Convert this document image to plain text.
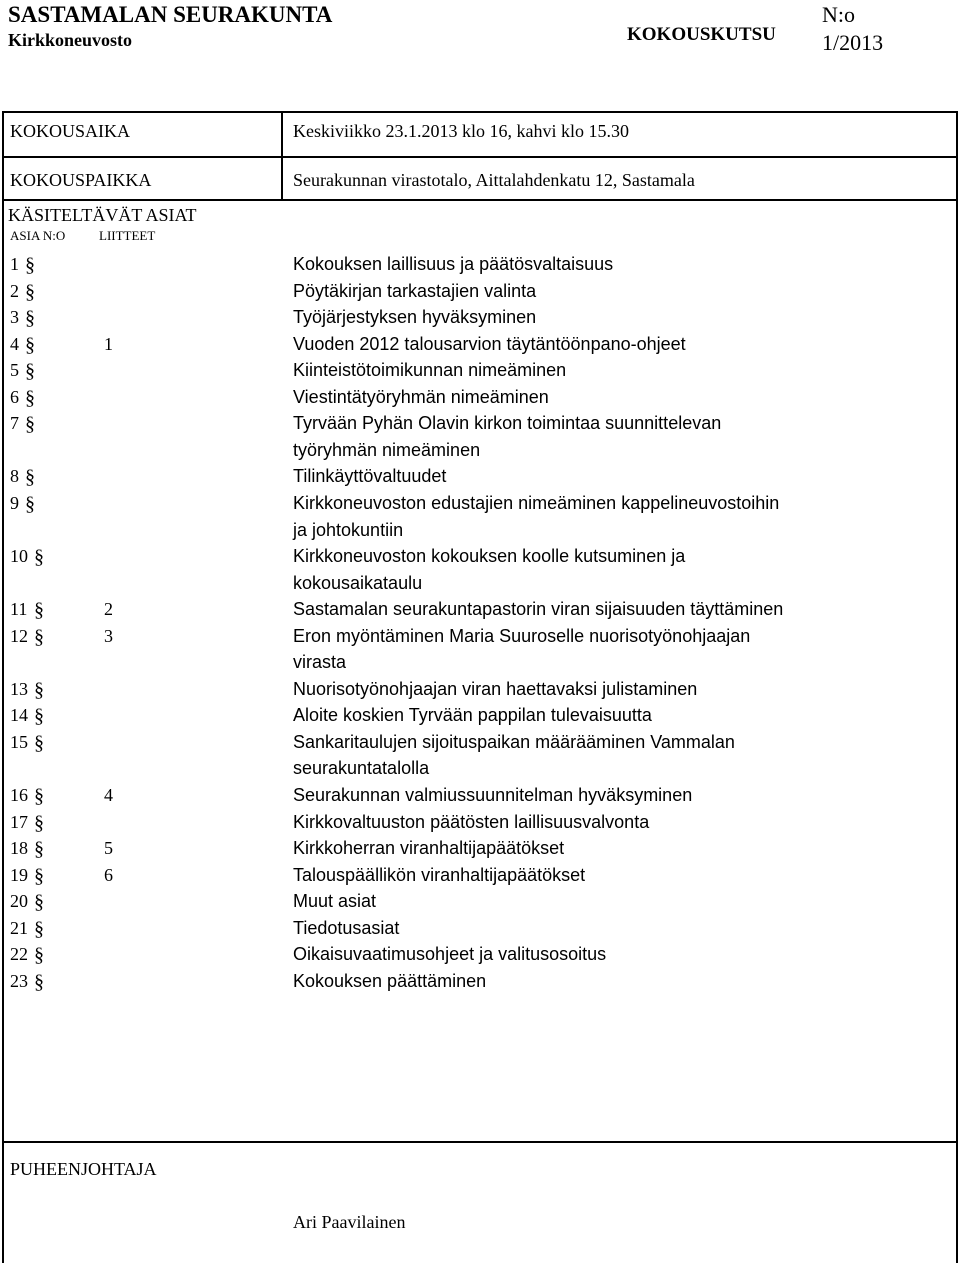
SASTAMALAN SEURAKUNTA
Kirkkoneuvosto	KOKOUSKUTSU
N:o
1/2013
KOKOUSAIKA	Keskiviikko 23.1.2013 klo 16, kahvi klo 15.30
KOKOUSPAIKKA	Seurakunnan virastotalo, Aittalahdenkatu 12, Sastamala
KÄSITELTÄVÄT ASIAT
ASIA N:O	LIITTEET
1 §	Kokouksen laillisuus ja päätösvaltaisuus
2 §	Pöytäkirjan tarkastajien valinta
3 §	Työjärjestyksen hyväksyminen
4 §	1	Vuoden 2012 talousarvion täytäntöönpano-ohjeet
5 §	Kiinteistötoimikunnan nimeäminen
6 §	Viestintätyöryhmän nimeäminen
7 §	Tyrvään Pyhän Olavin kirkon toimintaa suunnittelevan
työryhmän nimeäminen
8 §	Tilinkäyttövaltuudet
9 §	Kirkkoneuvoston edustajien nimeäminen kappelineuvostoihin
ja johtokuntiin
10 §	Kirkkoneuvoston kokouksen koolle kutsuminen ja
kokousaikataulu
11 §	2	Sastamalan seurakuntapastorin viran sijaisuuden täyttäminen
12 §	3	Eron myöntäminen Maria Suuroselle nuorisotyönohjaajan
virasta
13 §	Nuorisotyönohjaajan viran haettavaksi julistaminen
14 §	Aloite koskien Tyrvään pappilan tulevaisuutta
15 §	Sankaritaulujen sijoituspaikan määrääminen Vammalan
seurakuntatalolla
16 §	4	Seurakunnan valmiussuunnitelman hyväksyminen
17 §	Kirkkovaltuuston päätösten laillisuusvalvonta
18 §	5	Kirkkoherran viranhaltijapäätökset
19 §	6	Talouspäällikön viranhaltijapäätökset
20 §	Muut asiat
21 §	Tiedotusasiat
22 §	Oikaisuvaatimusohjeet ja valitusosoitus
23 §	Kokouksen päättäminen
PUHEENJOHTAJA
Ari Paavilainen
